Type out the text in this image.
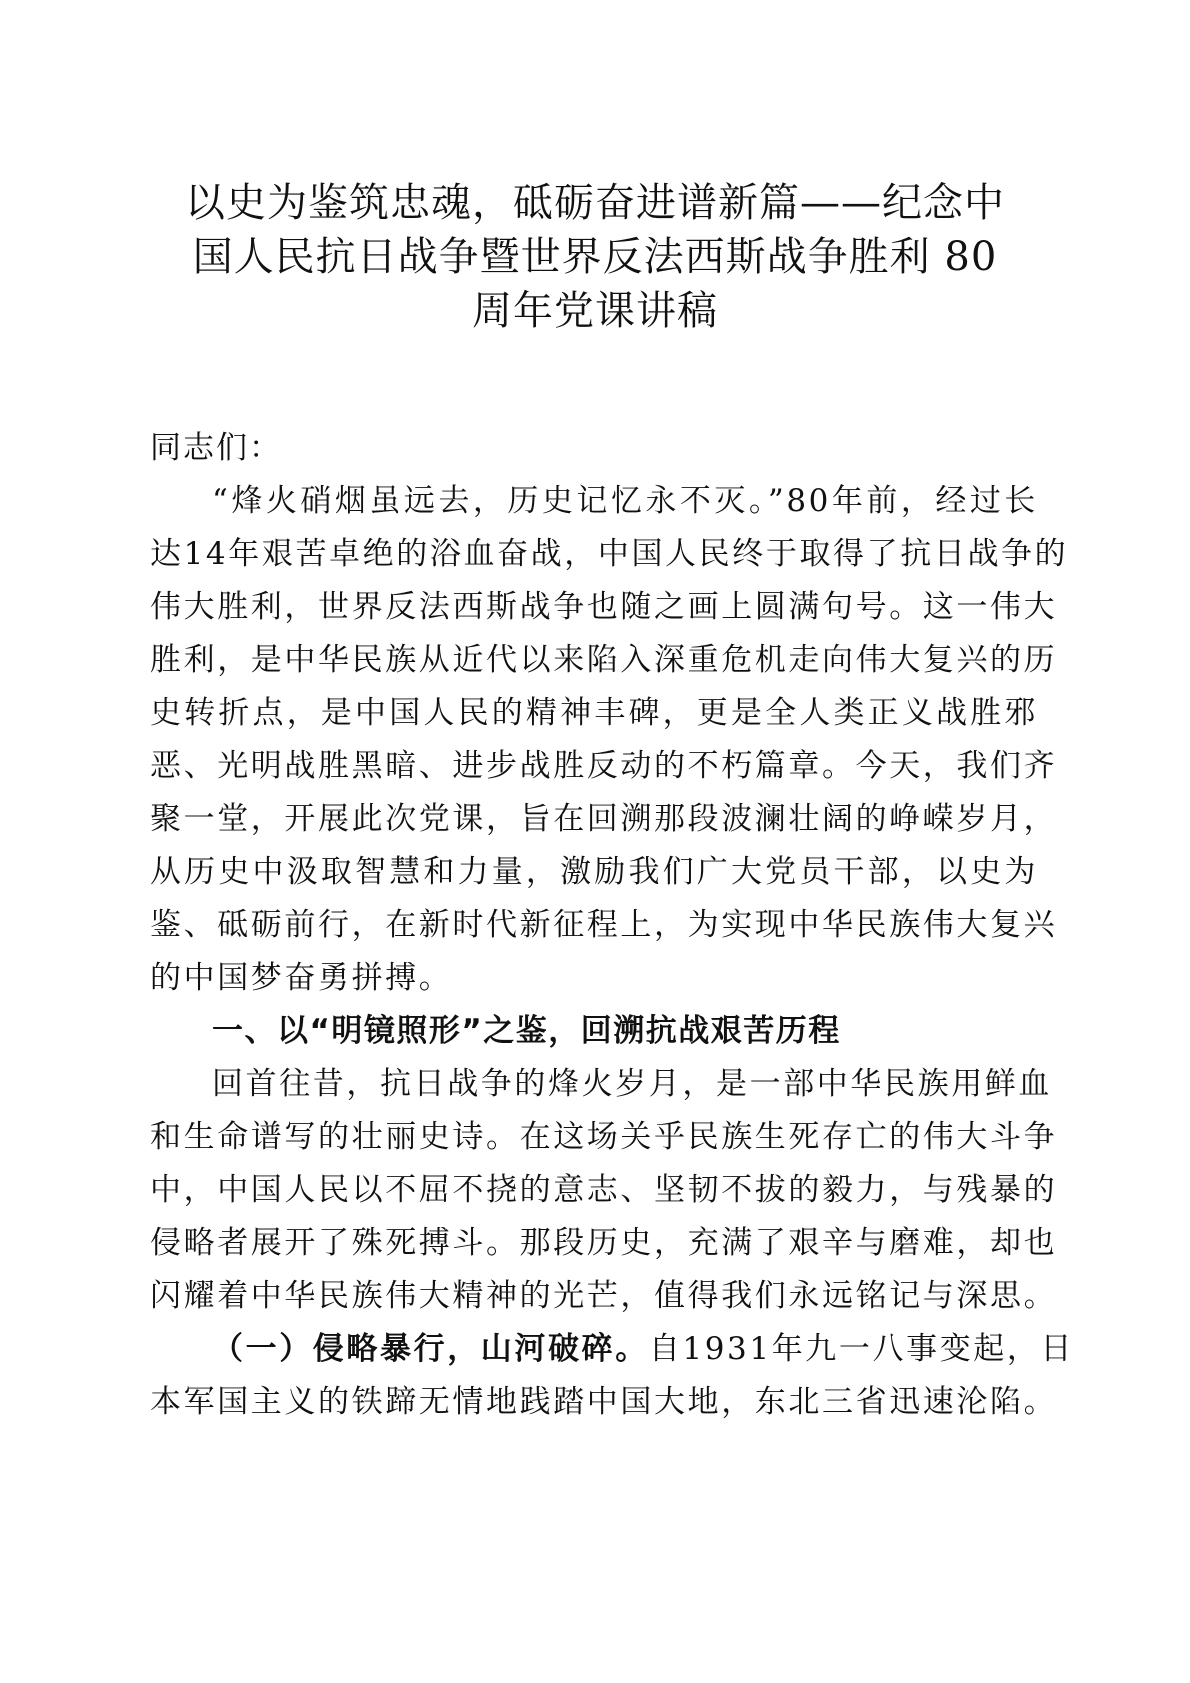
以史为鉴筑忠魂，砥砺奋进谱新篇——纪念中
国人民抗日战争暨世界反法西斯战争胜利 80
周年党课讲稿
同志们：
“烽火硝烟虽远去，历史记忆永不灭。”80年前，经过长
达14年艰苦卓绝的浴血奋战，中国人民终于取得了抗日战争的
伟大胜利，世界反法西斯战争也随之画上圆满句号。这一伟大
胜利，是中华民族从近代以来陷入深重危机走向伟大复兴的历
史转折点，是中国人民的精神丰碑，更是全人类正义战胜邪
恶、光明战胜黑暗、进步战胜反动的不朽篇章。今天，我们齐
聚一堂，开展此次党课，旨在回溯那段波澜壮阔的峥嵘岁月，
从历史中汲取智慧和力量，激励我们广大党员干部，以史为
鉴、砥砺前行，在新时代新征程上，为实现中华民族伟大复兴
的中国梦奋勇拼搏。
一、以“明镜照形”之鉴，回溯抗战艰苦历程
回首往昔，抗日战争的烽火岁月，是一部中华民族用鲜血
和生命谱写的壮丽史诗。在这场关乎民族生死存亡的伟大斗争
中，中国人民以不屈不挠的意志、坚韧不拔的毅力，与残暴的
侵略者展开了殊死搏斗。那段历史，充满了艰辛与磨难，却也
闪耀着中华民族伟大精神的光芒，值得我们永远铭记与深思。
（一）侵略暴行，山河破碎。自1931年九一八事变起，日
本军国主义的铁蹄无情地践踏中国大地，东北三省迅速沦陷。
